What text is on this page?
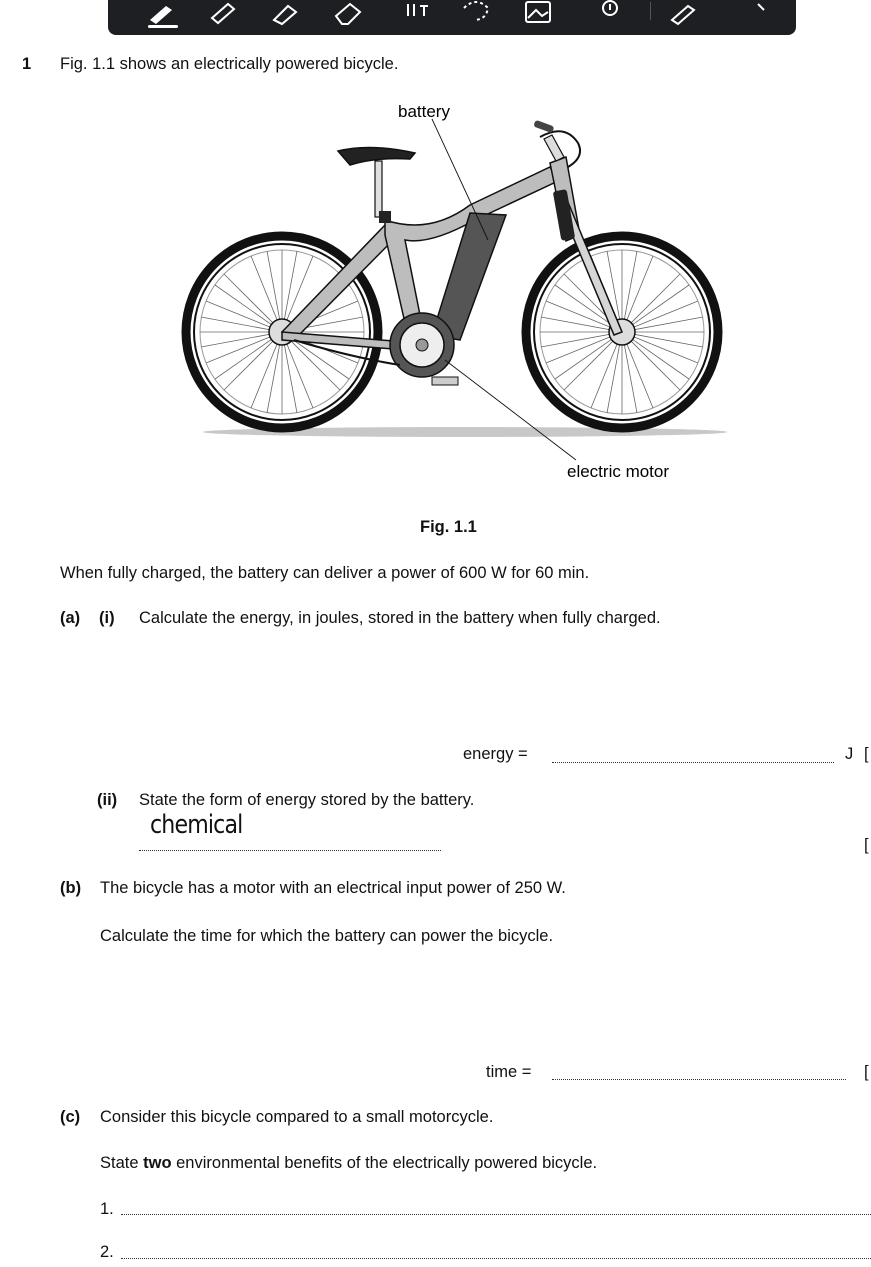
1 Fig. 1.1 shows an electrically powered bicycle.
battery
electric motor
Fig. 1.1
When fully charged, the battery can deliver a power of 600 W for 60 min.
(a) (i) Calculate the energy, in joules, stored in the battery when fully charged.
energy =	J [
(ii) State the form of energy stored by the battery.
chemical
[
(b) The bicycle has a motor with an electrical input power of 250 W.
Calculate the time for which the battery can power the bicycle.
time =	[
(c) Consider this bicycle compared to a small motorcycle.
State two environmental benefits of the electrically powered bicycle.
1.
2.
